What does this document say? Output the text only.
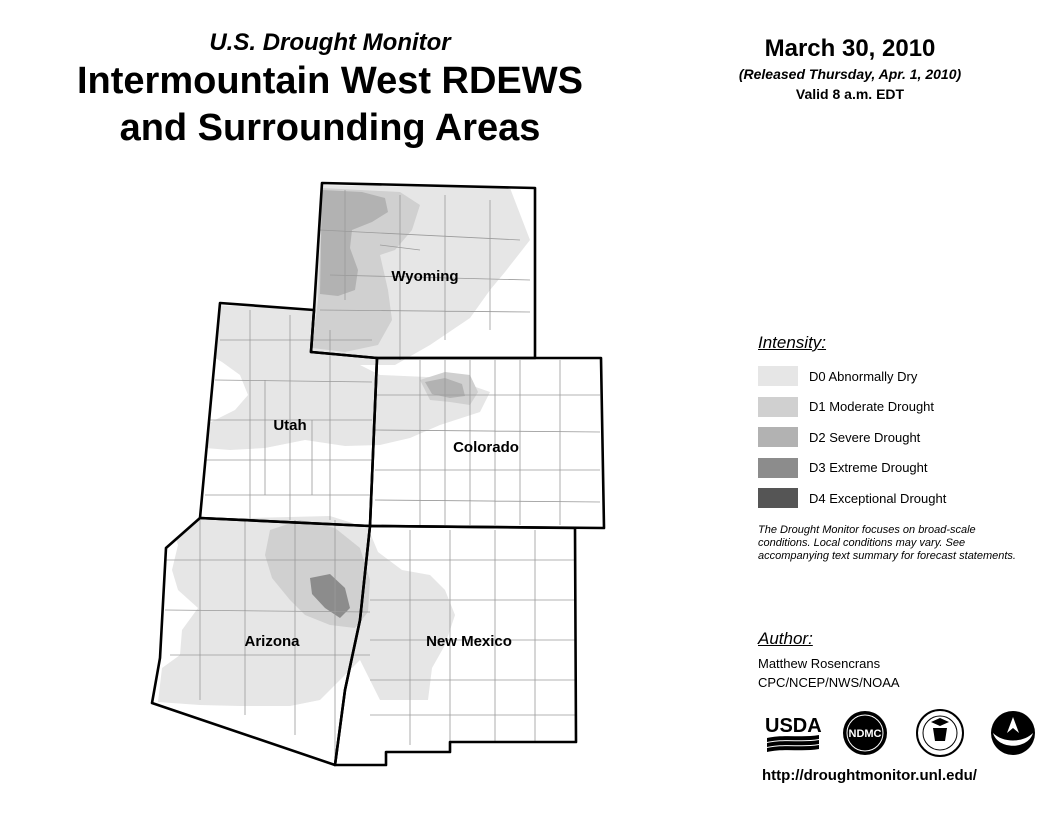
U.S. Drought Monitor
Intermountain West RDEWS
and Surrounding Areas
March 30, 2010
(Released Thursday, Apr. 1, 2010)
Valid 8 a.m. EDT
Wyoming
Utah
Colorado
Arizona	New Mexico
Intensity:
D0 Abnormally Dry
D1 Moderate Drought
D2 Severe Drought
D3 Extreme Drought
D4 Exceptional Drought
The Drought Monitor focuses on broad-scale conditions. Local conditions may vary. See accompanying text summary for forecast statements.
Author:
Matthew Rosencrans
CPC/NCEP/NWS/NOAA
USDA NDMC
http://droughtmonitor.unl.edu/
